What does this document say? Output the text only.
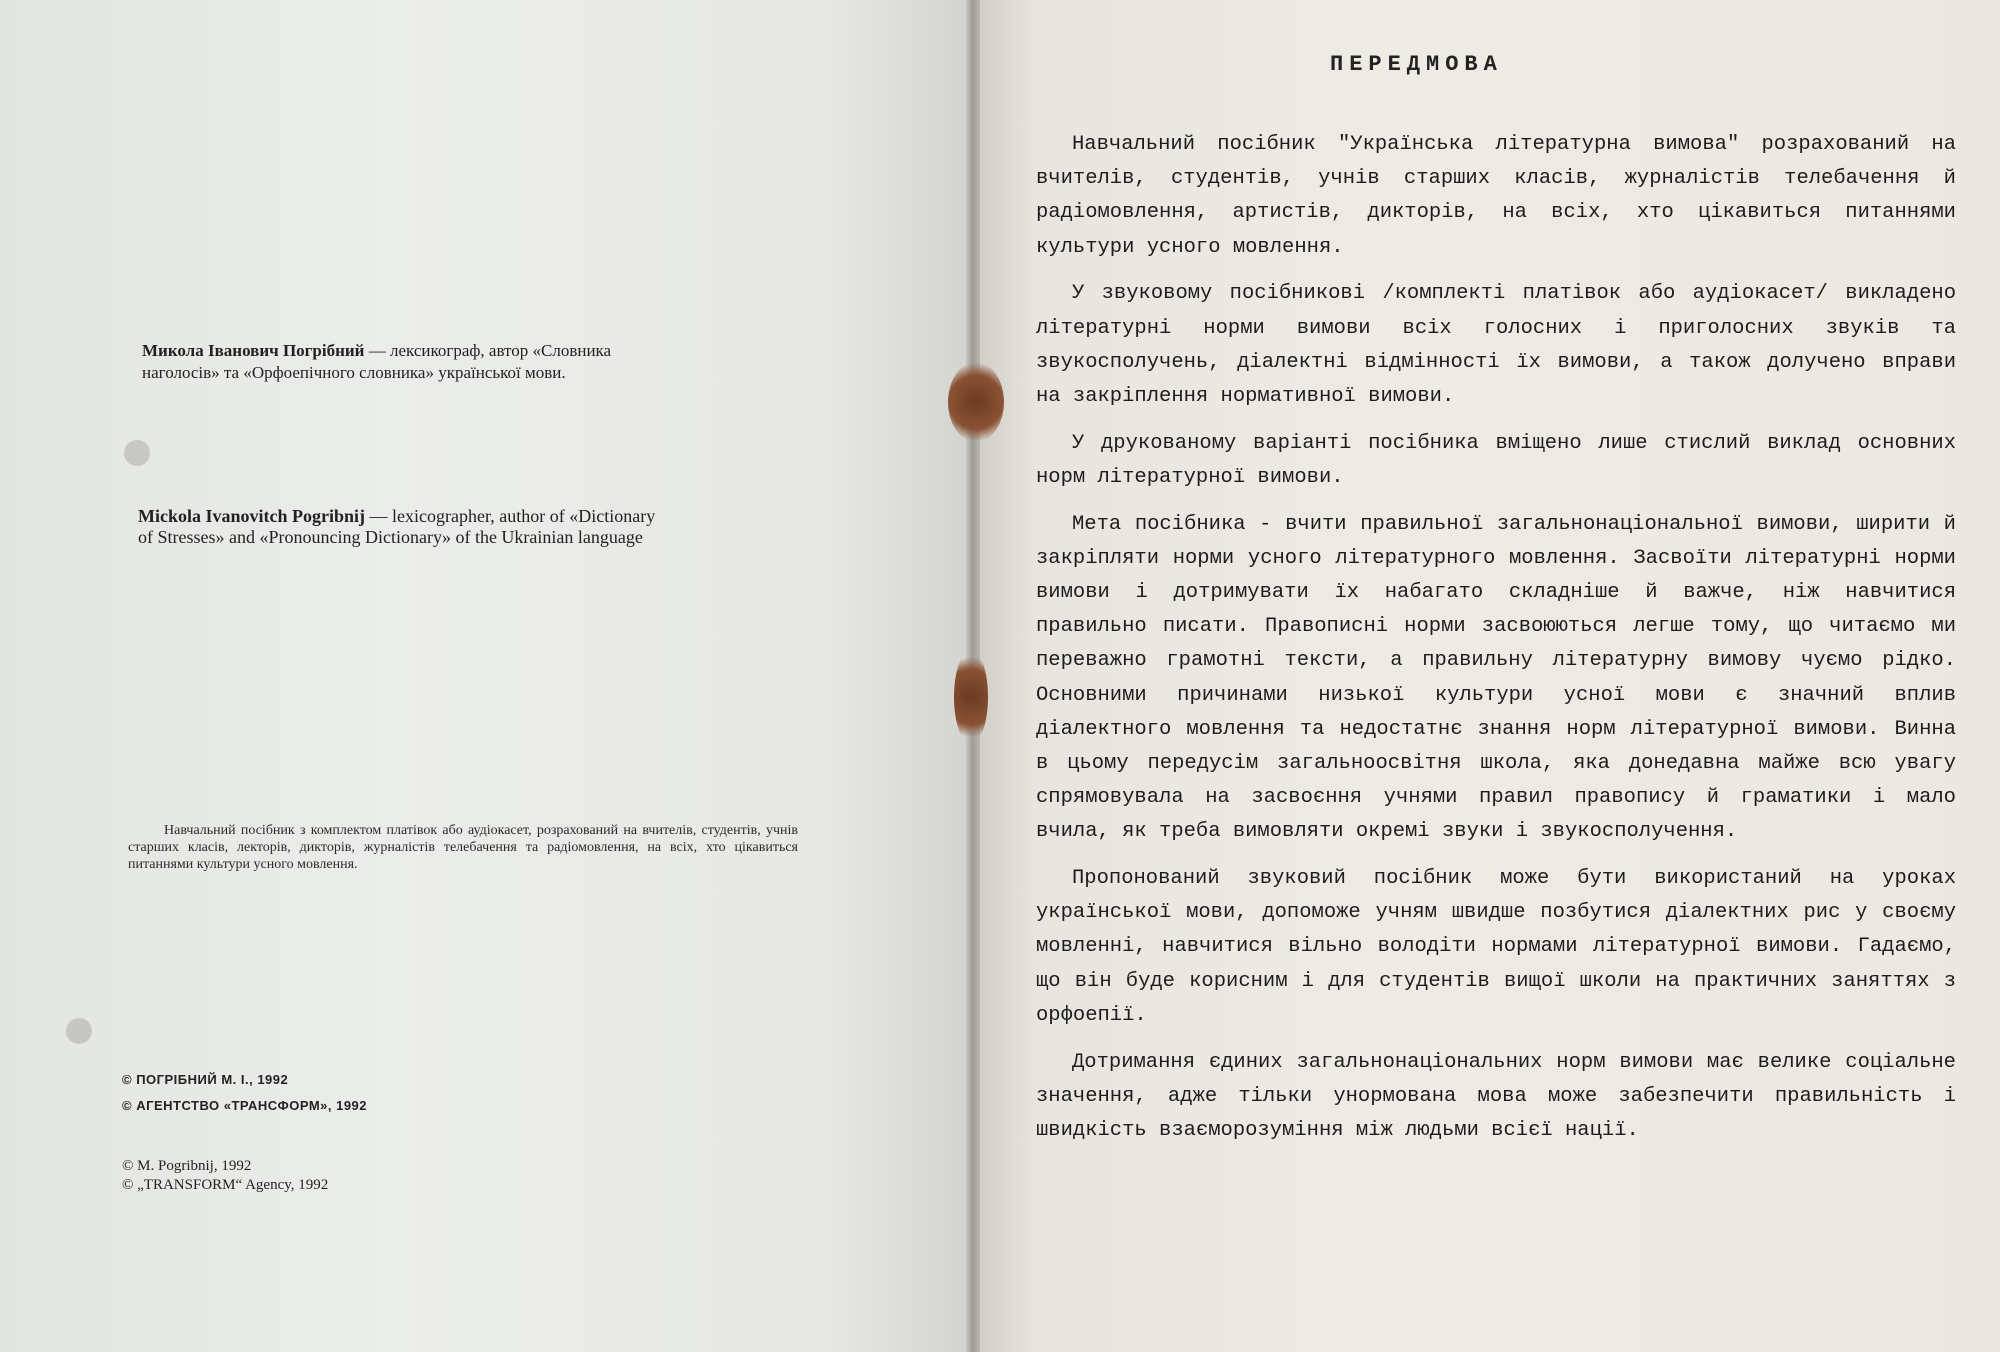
Микола Іванович Погрібний — лексикограф, автор «Словника наголосів» та «Орфоепічного словника» української мови.
Mickola Ivanovitch Pogribnij — lexicographer, author of «Dictionary of Stresses» and «Pronouncing Dictionary» of the Ukrainian language
Навчальний посібник з комплектом платівок або аудіокасет, розрахований на вчителів, студентів, учнів старших класів, лекторів, дикторів, журналістів телебачення та радіомовлення, на всіх, хто цікавиться питаннями культури усного мовлення.
© ПОГРІБНИЙ М. І., 1992
© АГЕНТСТВО «ТРАНСФОРМ», 1992
© M. Pogribnij, 1992
© „TRANSFORM“ Agency, 1992
ПЕРЕДМОВА

Навчальний посібник "Українська літературна вимова" розрахований на вчителів, студентів, учнів старших класів, журналістів телебачення й радіомовлення, артистів, дикторів, на всіх, хто цікавиться питаннями культури усного мовлення.

У звуковому посібникові /комплекті платівок або аудіокасет/ викладено літературні норми вимови всіх голосних і приголосних звуків та звукосполучень, діалектні відмінності їх вимови, а також долучено вправи на закріплення нормативної вимови.

У друкованому варіанті посібника вміщено лише стислий виклад основних норм літературної вимови.

Мета посібника - вчити правильної загальнонаціональної вимови, ширити й закріпляти норми усного літературного мовлення. Засвоїти літературні норми вимови і дотримувати їх набагато складніше й важче, ніж навчитися правильно писати. Правописні норми засвоюються легше тому, що читаємо ми переважно грамотні тексти, а правильну літературну вимову чуємо рідко. Основними причинами низької культури усної мови є значний вплив діалектного мовлення та недостатнє знання норм літературної вимови. Винна в цьому передусім загальноосвітня школа, яка донедавна майже всю увагу спрямовувала на засвоєння учнями правил правопису й граматики і мало вчила, як треба вимовляти окремі звуки і звукосполучення.

Пропонований звуковий посібник може бути використаний на уроках української мови, допоможе учням швидше позбутися діалектних рис у своєму мовленні, навчитися вільно володіти нормами літературної вимови. Гадаємо, що він буде корисним і для студентів вищої школи на практичних заняттях з орфоепії.

Дотримання єдиних загальнонаціональних норм вимови має велике соціальне значення, адже тільки унормована мова може забезпечити правильність і швидкість взаєморозуміння між людьми всієї нації.
